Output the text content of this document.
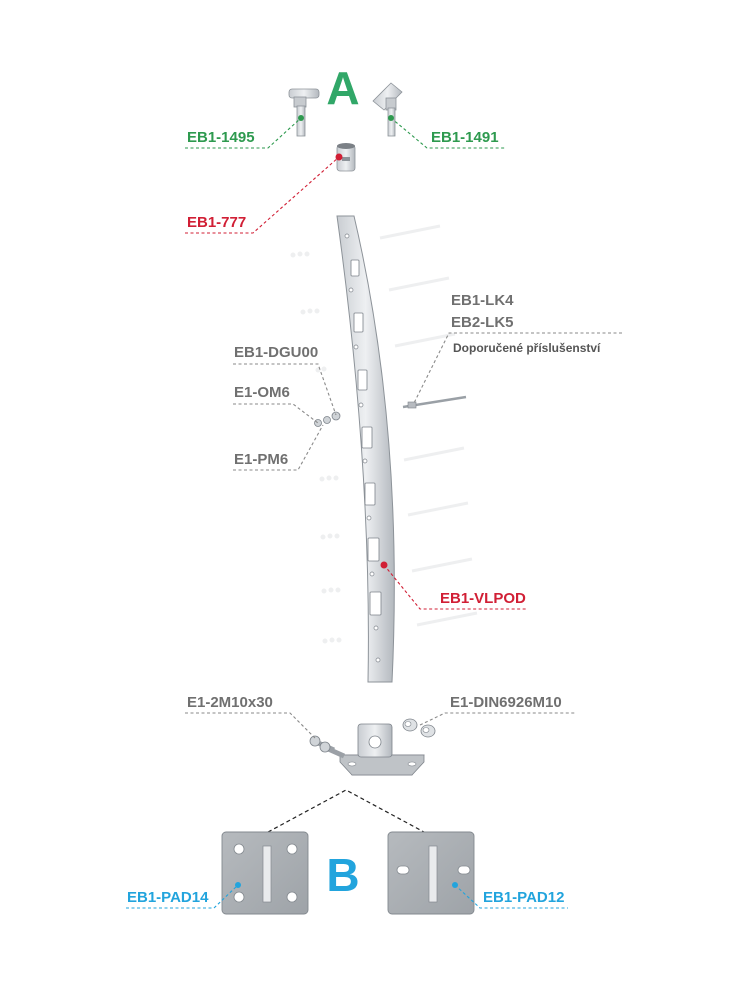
A
B
EB1-1495	EB1-1491
EB1-777
EB1-LK4
EB2-LK5
Doporučené příslušenství
EB1-DGU00
E1-OM6
E1-PM6
EB1-VLPOD
E1-2M10x30	E1-DIN6926M10
EB1-PAD14	EB1-PAD12
